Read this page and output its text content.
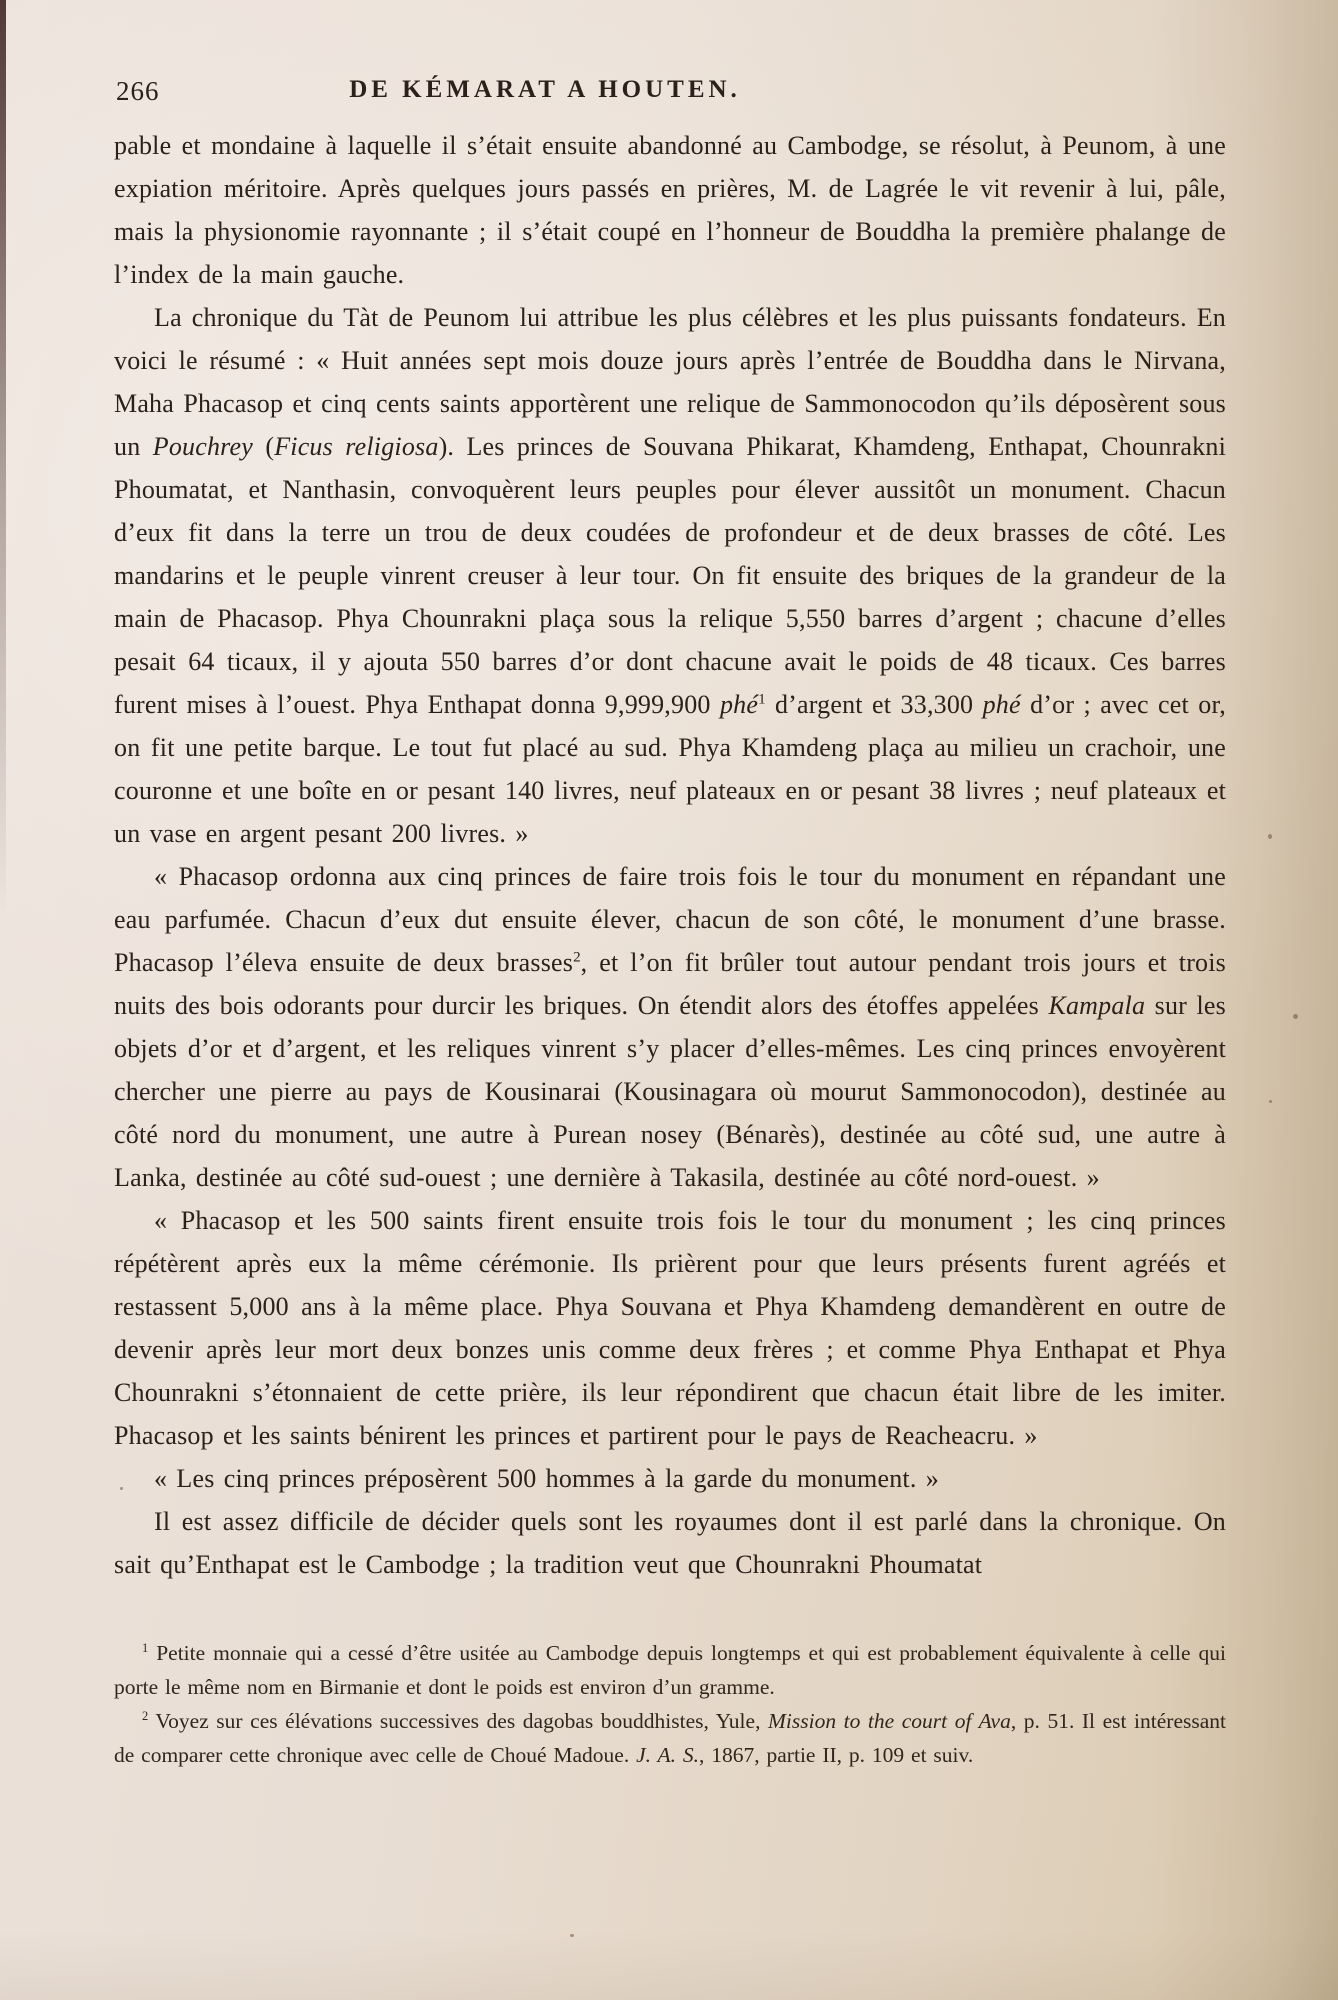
266	DE KÉMARAT A HOUTEN.

pable et mondaine à laquelle il s’était ensuite abandonné au Cambodge, se résolut, à Peunom, à une expiation méritoire. Après quelques jours passés en prières, M. de Lagrée le vit revenir à lui, pâle, mais la physionomie rayonnante ; il s’était coupé en l’honneur de Bouddha la première phalange de l’index de la main gauche.

La chronique du Tàt de Peunom lui attribue les plus célèbres et les plus puissants fondateurs. En voici le résumé : « Huit années sept mois douze jours après l’entrée de Bouddha dans le Nirvana, Maha Phacasop et cinq cents saints apportèrent une relique de Sammonocodon qu’ils déposèrent sous un Pouchrey (Ficus religiosa). Les princes de Souvana Phikarat, Khamdeng, Enthapat, Chounrakni Phoumatat, et Nanthasin, convoquèrent leurs peuples pour élever aussitôt un monument. Chacun d’eux fit dans la terre un trou de deux coudées de profondeur et de deux brasses de côté. Les mandarins et le peuple vinrent creuser à leur tour. On fit ensuite des briques de la grandeur de la main de Phacasop. Phya Chounrakni plaça sous la relique 5,550 barres d’argent ; chacune d’elles pesait 64 ticaux, il y ajouta 550 barres d’or dont chacune avait le poids de 48 ticaux. Ces barres furent mises à l’ouest. Phya Enthapat donna 9,999,900 phé$^1$ d’argent et 33,300 phé d’or ; avec cet or, on fit une petite barque. Le tout fut placé au sud. Phya Khamdeng plaça au milieu un crachoir, une couronne et une boîte en or pesant 140 livres, neuf plateaux en or pesant 38 livres ; neuf plateaux et un vase en argent pesant 200 livres. »

« Phacasop ordonna aux cinq princes de faire trois fois le tour du monument en répandant une eau parfumée. Chacun d’eux dut ensuite élever, chacun de son côté, le monument d’une brasse. Phacasop l’éleva ensuite de deux brasses$^2$, et l’on fit brûler tout autour pendant trois jours et trois nuits des bois odorants pour durcir les briques. On étendit alors des étoffes appelées Kampala sur les objets d’or et d’argent, et les reliques vinrent s’y placer d’elles-mêmes. Les cinq princes envoyèrent chercher une pierre au pays de Kousinarai (Kousinagara où mourut Sammonocodon), destinée au côté nord du monument, une autre à Purean nosey (Bénarès), destinée au côté sud, une autre à Lanka, destinée au côté sud-ouest ; une dernière à Takasila, destinée au côté nord-ouest. »

« Phacasop et les 500 saints firent ensuite trois fois le tour du monument ; les cinq princes répétèrent après eux la même cérémonie. Ils prièrent pour que leurs présents furent agréés et restassent 5,000 ans à la même place. Phya Souvana et Phya Khamdeng demandèrent en outre de devenir après leur mort deux bonzes unis comme deux frères ; et comme Phya Enthapat et Phya Chounrakni s’étonnaient de cette prière, ils leur répondirent que chacun était libre de les imiter. Phacasop et les saints bénirent les princes et partirent pour le pays de Reacheacru. »

« Les cinq princes préposèrent 500 hommes à la garde du monument. »

Il est assez difficile de décider quels sont les royaumes dont il est parlé dans la chronique. On sait qu’Enthapat est le Cambodge ; la tradition veut que Chounrakni Phoumatat

$^1$ Petite monnaie qui a cessé d’être usitée au Cambodge depuis longtemps et qui est probablement équivalente à celle qui porte le même nom en Birmanie et dont le poids est environ d’un gramme.

$^2$ Voyez sur ces élévations successives des dagobas bouddhistes, Yule, Mission to the court of Ava, p. 51. Il est intéressant de comparer cette chronique avec celle de Choué Madoue. J. A. S., 1867, partie II, p. 109 et suiv.
